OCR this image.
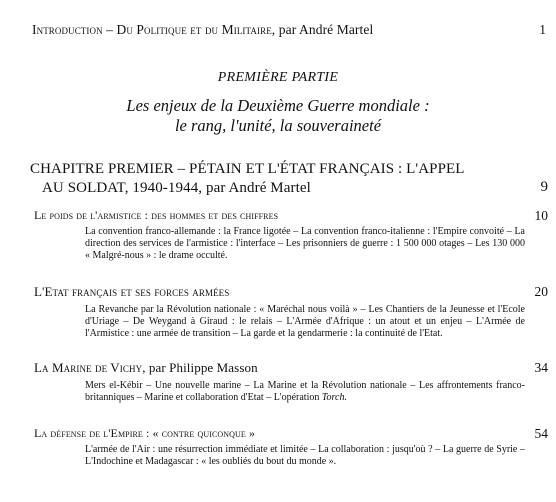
Introduction – Du Politique et du Militaire, par André Martel	1
PREMIÈRE PARTIE
Les enjeux de la Deuxième Guerre mondiale :
le rang, l'unité, la souveraineté
CHAPITRE PREMIER – PÉTAIN ET L'ÉTAT FRANÇAIS : L'APPEL
AU SOLDAT, 1940-1944, par André Martel	9
Le poids de l'armistice : des hommes et des chiffres	10
La convention franco-allemande : la France ligotée – La convention franco-italienne : l'Empire convoité – La direction des services de l'armistice : l'interface – Les prisonniers de guerre : 1 500 000 otages – Les 130 000 « Malgré-nous » : le drame occulté.
L'Etat français et ses forces armées	20
La Revanche par la Révolution nationale : « Maréchal nous voilà » – Les Chantiers de la Jeunesse et l'Ecole d'Uriage – De Weygand à Giraud : le relais – L'Armée d'Afrique : un atout et un enjeu – L'Armée de l'Armistice : une armée de transition – La garde et la gendarmerie : la continuité de l'Etat.
La Marine de Vichy, par Philippe Masson	34
Mers el-Kébir – Une nouvelle marine – La Marine et la Révolution nationale – Les affrontements franco-britanniques – Marine et collaboration d'Etat – L'opération Torch.
La défense de l'Empire : « contre quiconque »	54
L'armée de l'Air : une résurrection immédiate et limitée – La collaboration : jusqu'où ? – La guerre de Syrie – L'Indochine et Madagascar : « les oubliés du bout du monde ».
